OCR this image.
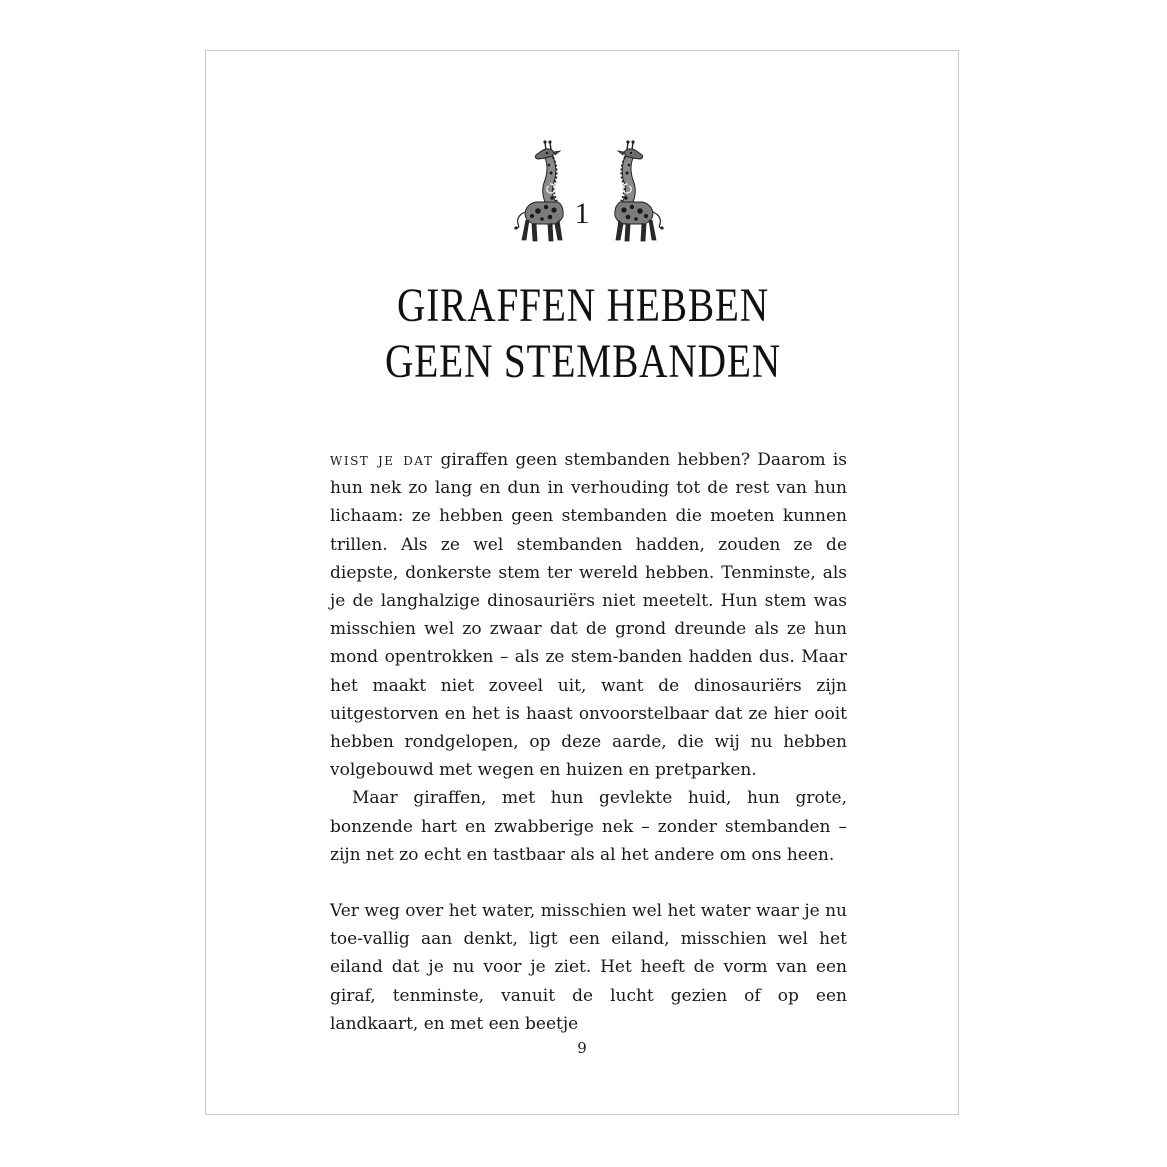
1
GIRAFFEN HEBBEN
GEEN STEMBANDEN

wist je dat giraffen geen stembanden hebben? Daarom is hun nek zo lang en dun in verhouding tot de rest van hun lichaam: ze hebben geen stembanden die moeten kunnen trillen. Als ze wel stembanden hadden, zouden ze de diepste, donkerste stem ter wereld hebben. Tenminste, als je de langhalzige dinosauriërs niet meetelt. Hun stem was misschien wel zo zwaar dat de grond dreunde als ze hun mond opentrokken – als ze stem-banden hadden dus. Maar het maakt niet zoveel uit, want de dinosauriërs zijn uitgestorven en het is haast onvoorstelbaar dat ze hier ooit hebben rondgelopen, op deze aarde, die wij nu hebben volgebouwd met wegen en huizen en pretparken.

Maar giraffen, met hun gevlekte huid, hun grote, bonzende hart en zwabberige nek – zonder stembanden – zijn net zo echt en tastbaar als al het andere om ons heen.

Ver weg over het water, misschien wel het water waar je nu toe-vallig aan denkt, ligt een eiland, misschien wel het eiland dat je nu voor je ziet. Het heeft de vorm van een giraf, tenminste, vanuit de lucht gezien of op een landkaart, en met een beetje

9
